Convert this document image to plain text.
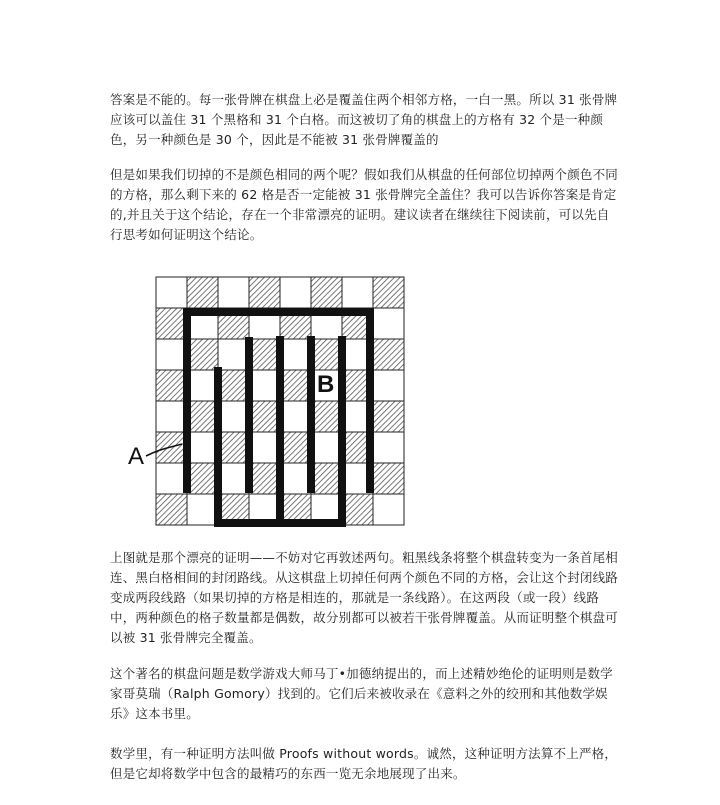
答案是不能的。每一张骨牌在棋盘上必是覆盖住两个相邻方格，一白一黑。所以 31 张骨牌应该可以盖住 31 个黑格和 31 个白格。而这被切了角的棋盘上的方格有 32 个是一种颜色，另一种颜色是 30 个，因此是不能被 31 张骨牌覆盖的

但是如果我们切掉的不是颜色相同的两个呢？假如我们从棋盘的任何部位切掉两个颜色不同的方格，那么剩下来的 62 格是否一定能被 31 张骨牌完全盖住？我可以告诉你答案是肯定的,并且关于这个结论，存在一个非常漂亮的证明。建议读者在继续往下阅读前，可以先自行思考如何证明这个结论。

A
B

上图就是那个漂亮的证明——不妨对它再敦述两句。粗黑线条将整个棋盘转变为一条首尾相连、黑白格相间的封闭路线。从这棋盘上切掉任何两个颜色不同的方格，会让这个封闭线路变成两段线路（如果切掉的方格是相连的，那就是一条线路）。在这两段（或一段）线路中，两种颜色的格子数量都是偶数，故分别都可以被若干张骨牌覆盖。从而证明整个棋盘可以被 31 张骨牌完全覆盖。

这个著名的棋盘问题是数学游戏大师马丁•加德纳提出的，而上述精妙绝伦的证明则是数学家哥莫瑞（Ralph Gomory）找到的。它们后来被收录在《意料之外的绞刑和其他数学娱乐》这本书里。

数学里，有一种证明方法叫做 Proofs without words。诚然，这种证明方法算不上严格，但是它却将数学中包含的最精巧的东西一览无余地展现了出来。
